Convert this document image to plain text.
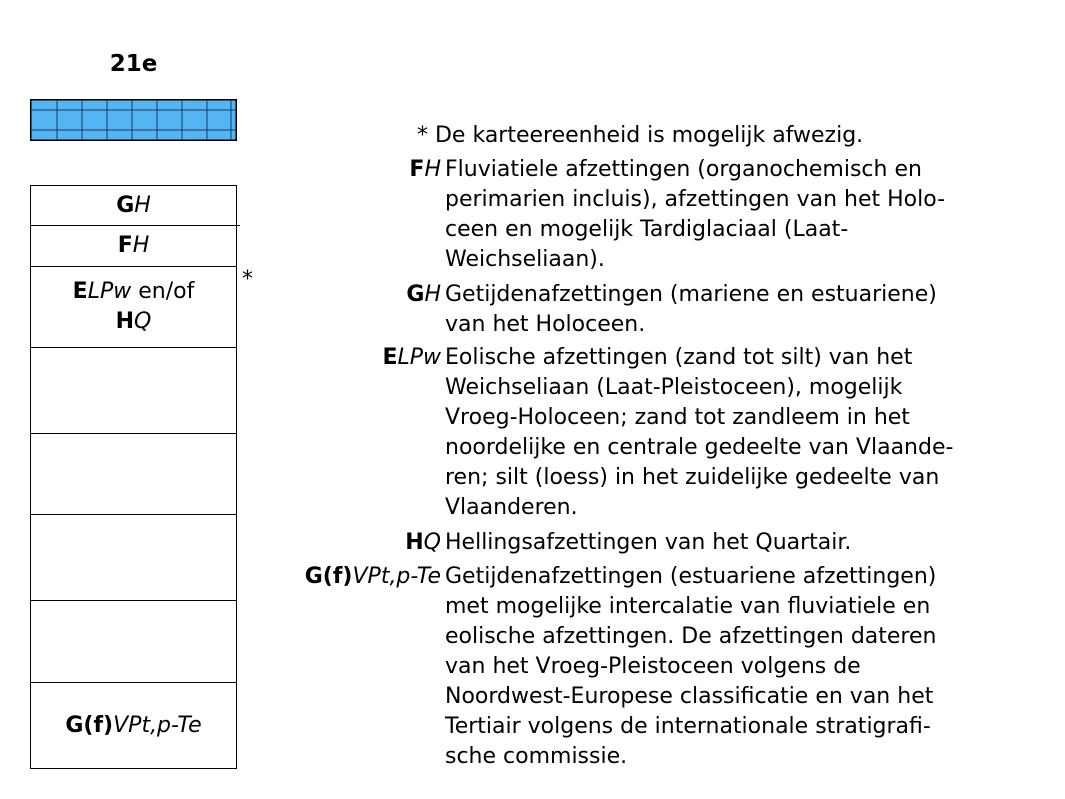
21e
GH
FH
ELPw en/of
HQ
G(f)VPt,p-Te
*
* De karteereenheid is mogelijk afwezig.
FH Fluviatiele afzettingen (organochemisch en
perimarien incluis), afzettingen van het Holo-
ceen en mogelijk Tardiglaciaal (Laat-
Weichseliaan).
GH Getijdenafzettingen (mariene en estuariene)
van het Holoceen.
ELPw Eolische afzettingen (zand tot silt) van het
Weichseliaan (Laat-Pleistoceen), mogelijk
Vroeg-Holoceen; zand tot zandleem in het
noordelijke en centrale gedeelte van Vlaande-
ren; silt (loess) in het zuidelijke gedeelte van
Vlaanderen.
HQ Hellingsafzettingen van het Quartair.
G(f)VPt,p-Te Getijdenafzettingen (estuariene afzettingen)
met mogelijke intercalatie van fluviatiele en
eolische afzettingen. De afzettingen dateren
van het Vroeg-Pleistoceen volgens de
Noordwest-Europese classificatie en van het
Tertiair volgens de internationale stratigrafi-
sche commissie.
